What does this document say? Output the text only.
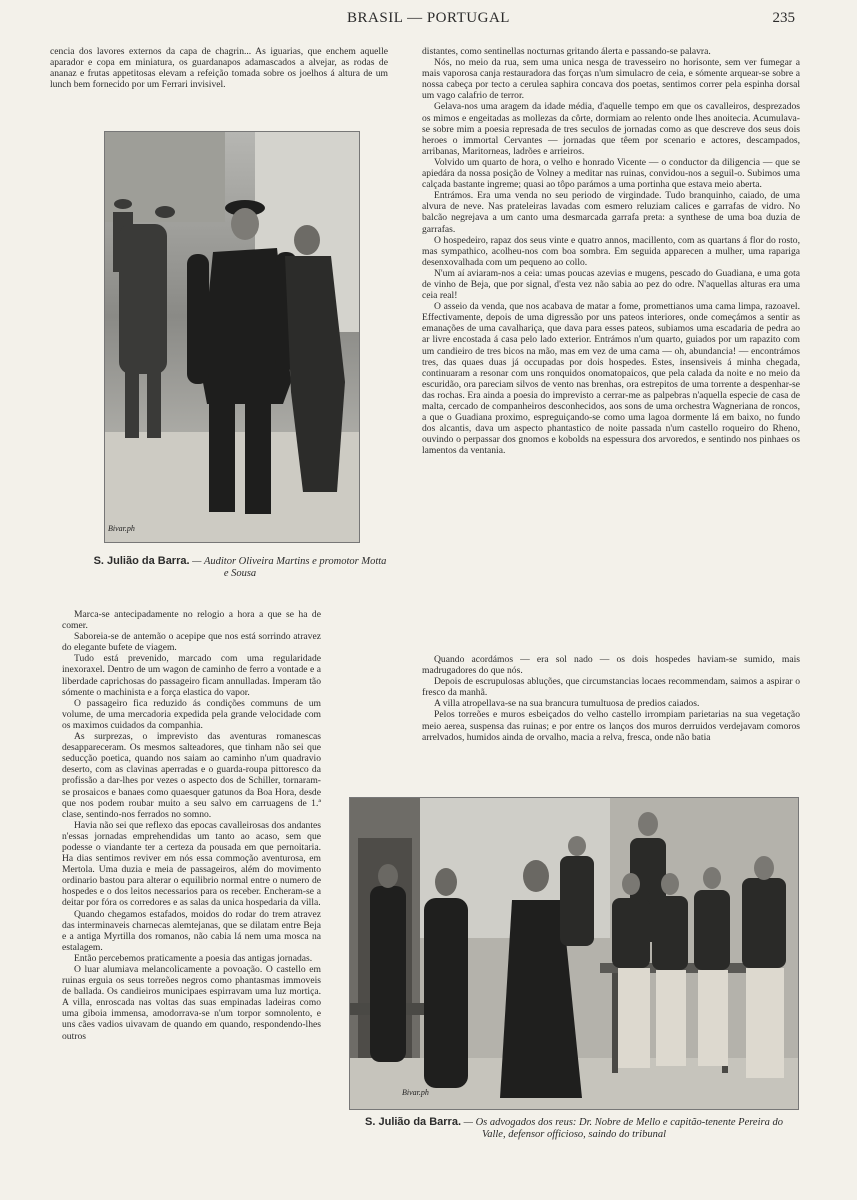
BRASIL — PORTUGAL	235

cencia dos lavores externos da capa de chagrin... As iguarias, que enchem aquelle aparador e copa em miniatura, os guardanapos adamascados a alvejar, as rodas de ananaz e frutas appetitosas elevam a refeição tomada sobre os joelhos á altura de um lunch bem fornecido por um Ferrari invisivel.

Bivar.ph
S. Julião da Barra. — Auditor Oliveira Martins e promotor Motta e Sousa

Marca-se antecipadamente no relogio a hora a que se ha de comer.

Saboreia-se de antemão o acepipe que nos está sorrindo atravez do elegante bufete de viagem.

Tudo está prevenido, marcado com uma regularidade inexoraxel. Dentro de um wagon de caminho de ferro a vontade e a liberdade caprichosas do passageiro ficam annulladas. Imperam tão sómente o machinista e a força elastica do vapor.

O passageiro fica reduzido ás condições communs de um volume, de uma mercadoria expedida pela grande velocidade com os maximos cuidados da companhia.

As surprezas, o imprevisto das aventuras romanescas desappareceram. Os mesmos salteadores, que tinham não sei que seducção poetica, quando nos saiam ao caminho n'um quadravio deserto, com as clavinas aperradas e o guarda-roupa pittoresco da profissão a dar-lhes por vezes o aspecto dos de Schiller, tornaram-se prosaicos e banaes como quaesquer gatunos da Boa Hora, desde que nos podem roubar muito a seu salvo em carruagens de 1.ª clase, sentindo-nos ferrados no somno.

Havia não sei que reflexo das epocas cavalleirosas dos andantes n'essas jornadas emprehendidas um tanto ao acaso, sem que podesse o viandante ter a certeza da pousada em que pernoitaria. Ha dias sentimos reviver em nós essa commoção aventurosa, em Mertola. Uma duzia e meia de passageiros, além do movimento ordinario bastou para alterar o equilibrio normal entre o numero de hospedes e o dos leitos necessarios para os receber. Encheram-se a deitar por fóra os corredores e as salas da unica hospedaria da villa.

Quando chegamos estafados, moidos do rodar do trem atravez das interminaveis charnecas alemtejanas, que se dilatam entre Beja e a antiga Myrtilla dos romanos, não cabia lá nem uma mosca na estalagem.

Então percebemos praticamente a poesia das antigas jornadas.

O luar alumiava melancolicamente a povoação. O castello em ruinas erguia os seus torreões negros como phantasmas immoveis de ballada. Os candieiros municipaes espirravam uma luz mortiça. A villa, enroscada nas voltas das suas empinadas ladeiras como uma giboia immensa, amodorrava-se n'um torpor somnolento, e uns cães vadios uivavam de quando em quando, respondendo-lhes outros

distantes, como sentinellas nocturnas gritando álerta e passando-se palavra.

Nós, no meio da rua, sem uma unica nesga de travesseiro no horisonte, sem ver fumegar a mais vaporosa canja restauradora das forças n'um simulacro de ceia, e sómente arquear-se sobre a nossa cabeça por tecto a cerulea saphira concava dos poetas, sentimos correr pela espinha dorsal um vago calafrio de terror.

Gelava-nos uma aragem da idade média, d'aquelle tempo em que os cavalleiros, desprezados os mimos e engeitadas as mollezas da côrte, dormiam ao relento onde lhes anoitecia. Acumulava-se sobre mim a poesia represada de tres seculos de jornadas como as que descreve dos seus dois heroes o immortal Cervantes — jornadas que têem por scenario e actores, descampados, arribanas, Maritorneas, ladrões e arrieiros.

Volvido um quarto de hora, o velho e honrado Vicente — o conductor da diligencia — que se apiedára da nossa posição de Volney a meditar nas ruinas, convidou-nos a seguil-o. Subimos uma calçada bastante ingreme; quasi ao tôpo parámos a uma portinha que estava meio aberta.

Entrámos. Era uma venda no seu periodo de virgindade. Tudo branquinho, caiado, de uma alvura de neve. Nas prateleiras lavadas com esmero reluziam calices e garrafas de vidro. No balcão negrejava a um canto uma desmarcada garrafa preta: a synthese de uma boa duzia de garrafas.

O hospedeiro, rapaz dos seus vinte e quatro annos, macillento, com as quartans á flor do rosto, mas sympathico, acolheu-nos com boa sombra. Em seguida apparecen a mulher, uma rapariga desenxovalhada com um pequeno ao collo.

N'um aí aviaram-nos a ceia: umas poucas azevias e mugens, pescado do Guadiana, e uma gota de vinho de Beja, que por signal, d'esta vez não sabia ao pez do odre. N'aquellas alturas era uma ceia real!

O asseio da venda, que nos acabava de matar a fome, promettianos uma cama limpa, razoavel. Effectivamente, depois de uma digressão por uns pateos interiores, onde começámos a sentir as emanações de uma cavalhariça, que dava para esses pateos, subiamos uma escadaria de pedra ao ar livre encostada á casa pelo lado exterior. Entrámos n'um quarto, guiados por um rapazito com um candieiro de tres bicos na mão, mas em vez de uma cama — oh, abundancia! — encontrámos tres, das quaes duas já occupadas por dois hospedes. Estes, insensiveis á minha chegada, continuaram a resonar com uns ronquidos onomatopaicos, que pela calada da noite e no meio da escuridão, ora pareciam silvos de vento nas brenhas, ora estrepitos de uma torrente a despenhar-se das rochas. Era ainda a poesia do imprevisto a cerrar-me as palpebras n'aquella especie de casa de malta, cercado de companheiros desconhecidos, aos sons de uma orchestra Wagneriana de roncos, a que o Guadiana proximo, espreguiçando-se como uma lagoa dormente lá em baixo, no fundo dos alcantis, dava um aspecto phantastico de noite passada n'um castello roqueiro do Rheno, ouvindo o perpassar dos gnomos e kobolds na espessura dos arvoredos, e sentindo nos pinhaes os lamentos da ventania.

Quando acordámos — era sol nado — os dois hospedes haviam-se sumido, mais madrugadores do que nós.

Depois de escrupulosas abluções, que circumstancias locaes recommendam, saimos a aspirar o fresco da manhã.

A villa atropellava-se na sua brancura tumultuosa de predios caiados.

Pelos torreões e muros esbeiçados do velho castello irrompiam parietarias na sua vegetação meio aerea, suspensa das ruinas; e por entre os lanços dos muros derruidos verdejavam comoros arrelvados, humidos ainda de orvalho, macia a relva, fresca, onde não batia

Bivar.ph
S. Julião da Barra. — Os advogados dos reus: Dr. Nobre de Mello e capitão-tenente Pereira do Valle, defensor officioso, saindo do tribunal
